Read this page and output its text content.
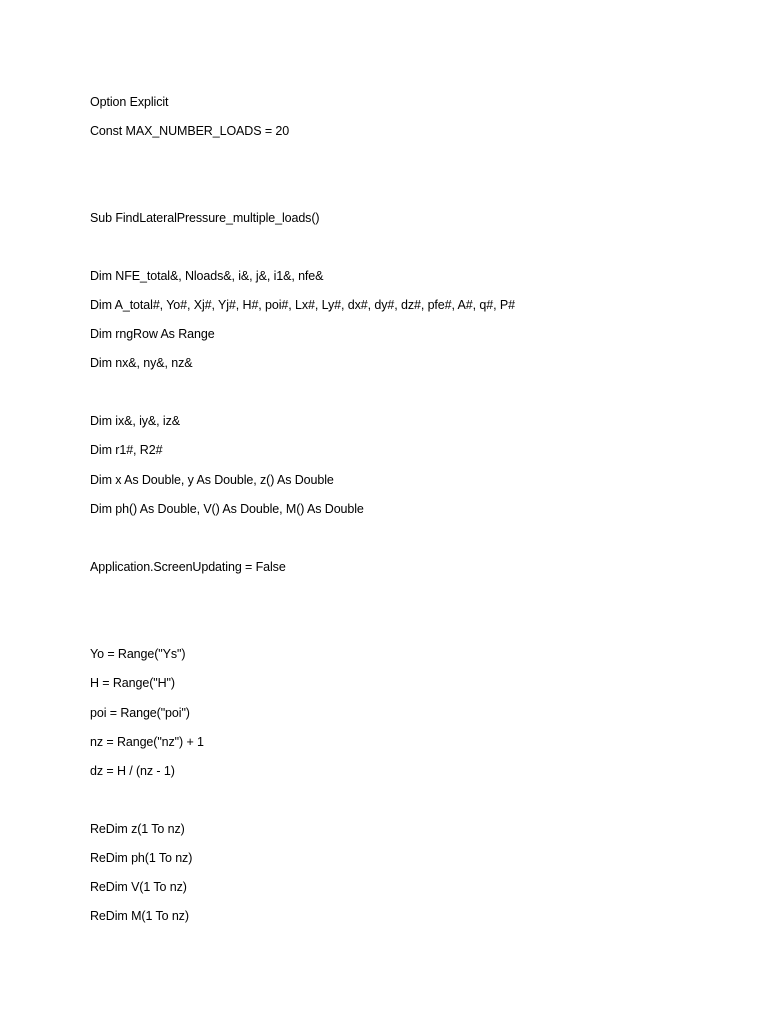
Option Explicit
Const MAX_NUMBER_LOADS = 20
Sub FindLateralPressure_multiple_loads()
Dim NFE_total&, Nloads&, i&, j&, i1&, nfe&
Dim A_total#, Yo#, Xj#, Yj#, H#, poi#, Lx#, Ly#, dx#, dy#, dz#, pfe#, A#, q#, P#
Dim rngRow As Range
Dim nx&, ny&, nz&
Dim ix&, iy&, iz&
Dim r1#, R2#
Dim x As Double, y As Double, z() As Double
Dim ph() As Double, V() As Double, M() As Double
Application.ScreenUpdating = False
Yo = Range("Ys")
H = Range("H")
poi = Range("poi")
nz = Range("nz") + 1
dz = H / (nz - 1)
ReDim z(1 To nz)
ReDim ph(1 To nz)
ReDim V(1 To nz)
ReDim M(1 To nz)
